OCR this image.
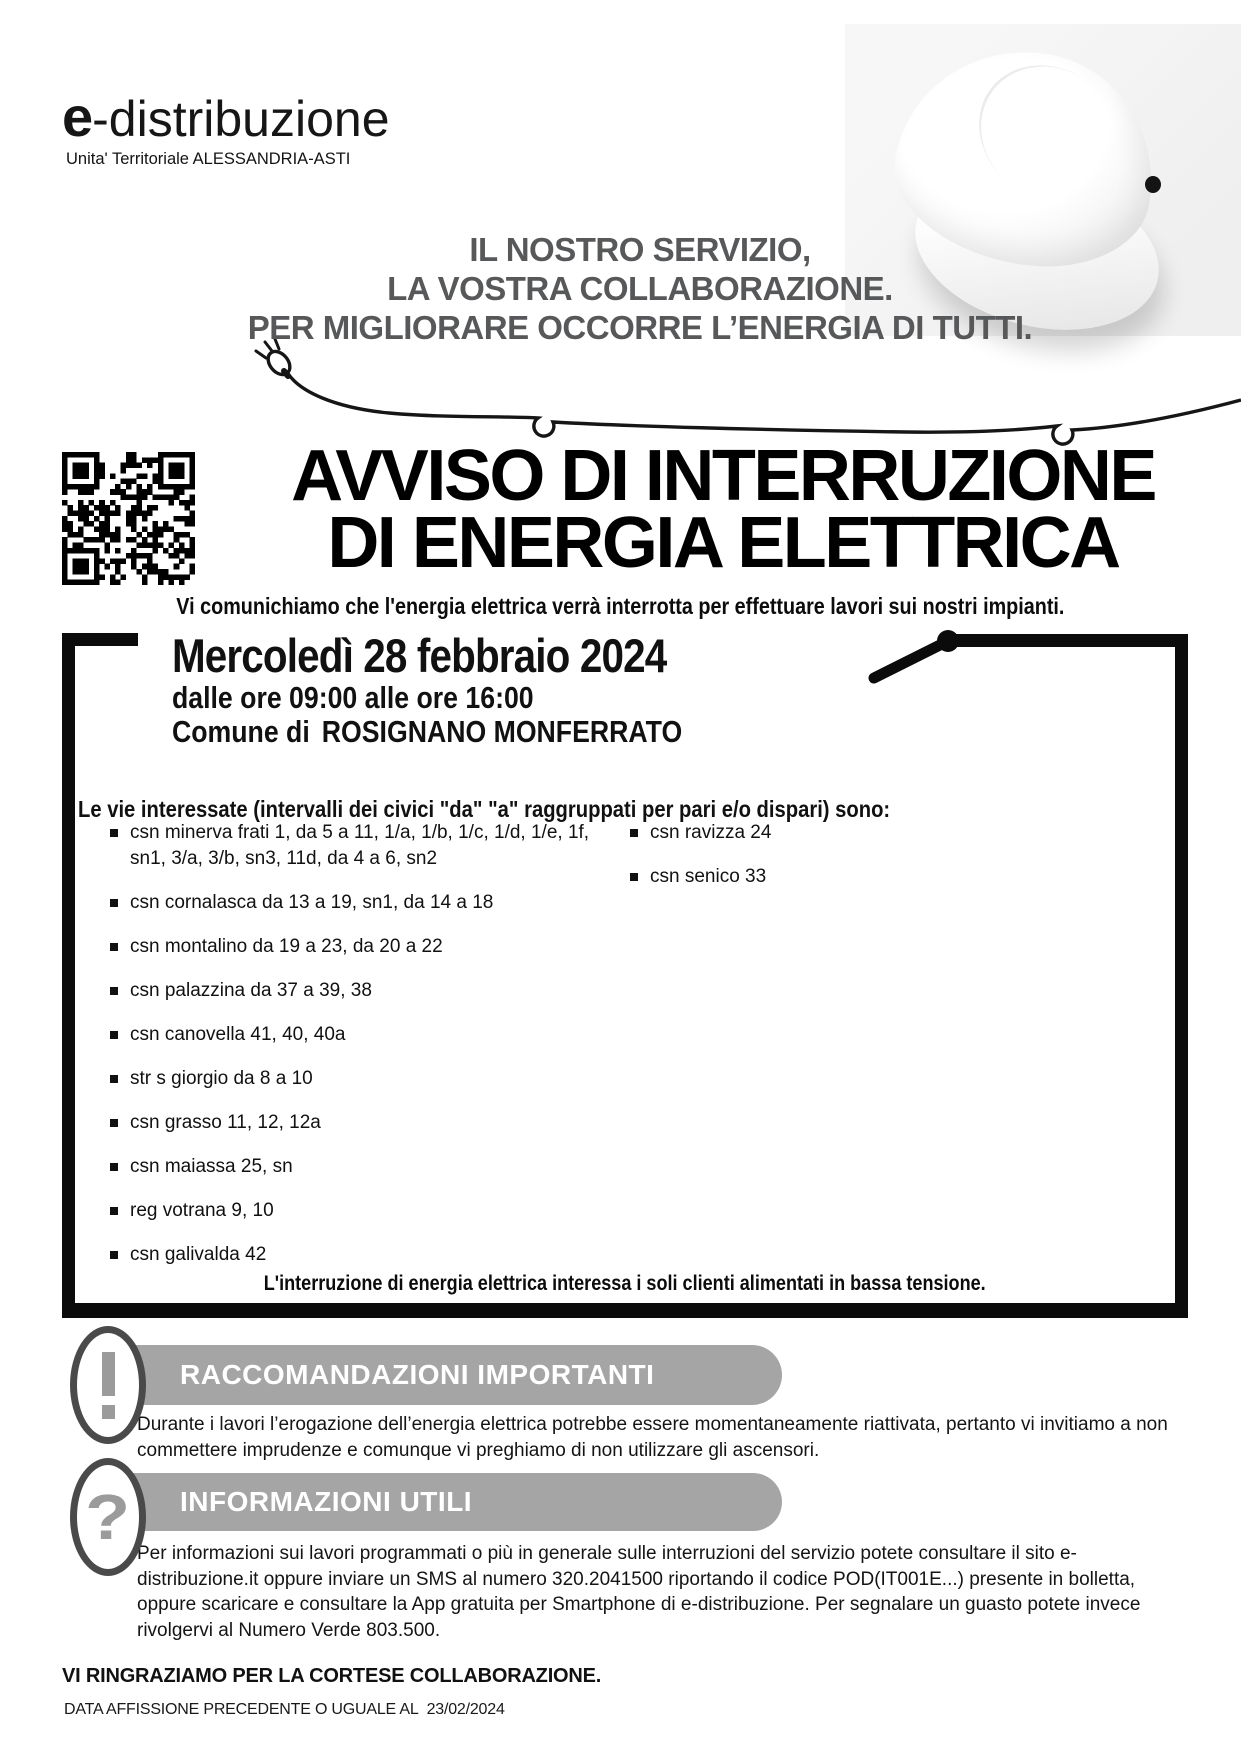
e -distribuzione
Unita' Territoriale ALESSANDRIA-ASTI
IL NOSTRO SERVIZIO,
LA VOSTRA COLLABORAZIONE.
PER MIGLIORARE OCCORRE L’ENERGIA DI TUTTI.
AVVISO DI INTERRUZIONE
DI ENERGIA ELETTRICA
Vi comunichiamo che l'energia elettrica verrà interrotta per effettuare lavori sui nostri impianti.
Mercoledì 28 febbraio 2024
dalle ore 09:00 alle ore 16:00
Comune di ROSIGNANO MONFERRATO
Le vie interessate (intervalli dei civici "da" "a" raggruppati per pari e/o dispari) sono:
csn minerva frati 1, da 5 a 11, 1/a, 1/b, 1/c, 1/d, 1/e, 1f, sn1, 3/a, 3/b, sn3, 11d, da 4 a 6, sn2
csn cornalasca da 13 a 19, sn1, da 14 a 18
csn montalino da 19 a 23, da 20 a 22
csn palazzina da 37 a 39, 38
csn canovella 41, 40, 40a
str s giorgio da 8 a 10
csn grasso 11, 12, 12a
csn maiassa 25, sn
reg votrana 9, 10
csn galivalda 42
csn ravizza 24
csn senico 33
L'interruzione di energia elettrica interessa i soli clienti alimentati in bassa tensione.
RACCOMANDAZIONI IMPORTANTI
Durante i lavori l’erogazione dell’energia elettrica potrebbe essere momentaneamente riattivata, pertanto vi invitiamo a non commettere imprudenze e comunque vi preghiamo di non utilizzare gli ascensori.
INFORMAZIONI UTILI
?
Per informazioni sui lavori programmati o più in generale sulle interruzioni del servizio potete consultare il sito e-distribuzione.it oppure inviare un SMS al numero 320.2041500 riportando il codice POD(IT001E...) presente in bolletta, oppure scaricare e consultare la App gratuita per Smartphone di e-distribuzione. Per segnalare un guasto potete invece rivolgervi al Numero Verde 803.500.
VI RINGRAZIAMO PER LA CORTESE COLLABORAZIONE.
DATA AFFISSIONE PRECEDENTE O UGUALE AL 23/02/2024
